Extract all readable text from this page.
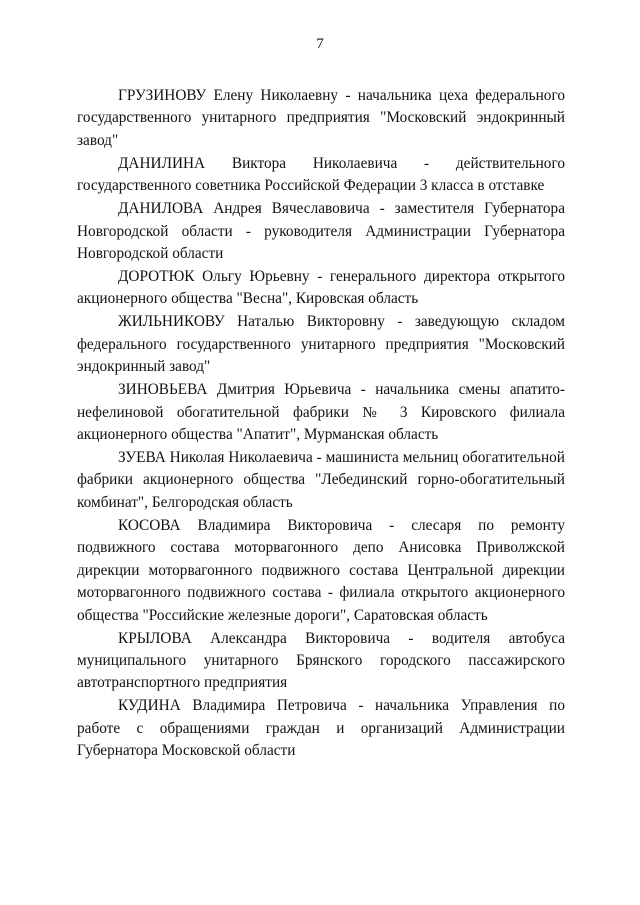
7

ГРУЗИНОВУ Елену Николаевну - начальника цеха федерального государственного унитарного предприятия "Московский эндокринный завод"

ДАНИЛИНА Виктора Николаевича - действительного государственного советника Российской Федерации 3 класса в отставке

ДАНИЛОВА Андрея Вячеславовича - заместителя Губернатора Новгородской области - руководителя Администрации Губернатора Новгородской области

ДОРОТЮК Ольгу Юрьевну - генерального директора открытого акционерного общества "Весна", Кировская область

ЖИЛЬНИКОВУ Наталью Викторовну - заведующую складом федерального государственного унитарного предприятия "Московский эндокринный завод"

ЗИНОВЬЕВА Дмитрия Юрьевича - начальника смены апатито-нефелиновой обогатительной фабрики № 3 Кировского филиала акционерного общества "Апатит", Мурманская область

ЗУЕВА Николая Николаевича - машиниста мельниц обогатительной фабрики акционерного общества "Лебединский горно-обогатительный комбинат", Белгородская область

КОСОВА Владимира Викторовича - слесаря по ремонту подвижного состава моторвагонного депо Анисовка Приволжской дирекции моторвагонного подвижного состава Центральной дирекции моторвагонного подвижного состава - филиала открытого акционерного общества "Российские железные дороги", Саратовская область

КРЫЛОВА Александра Викторовича - водителя автобуса муниципального унитарного Брянского городского пассажирского автотранспортного предприятия

КУДИНА Владимира Петровича - начальника Управления по работе с обращениями граждан и организаций Администрации Губернатора Московской области
